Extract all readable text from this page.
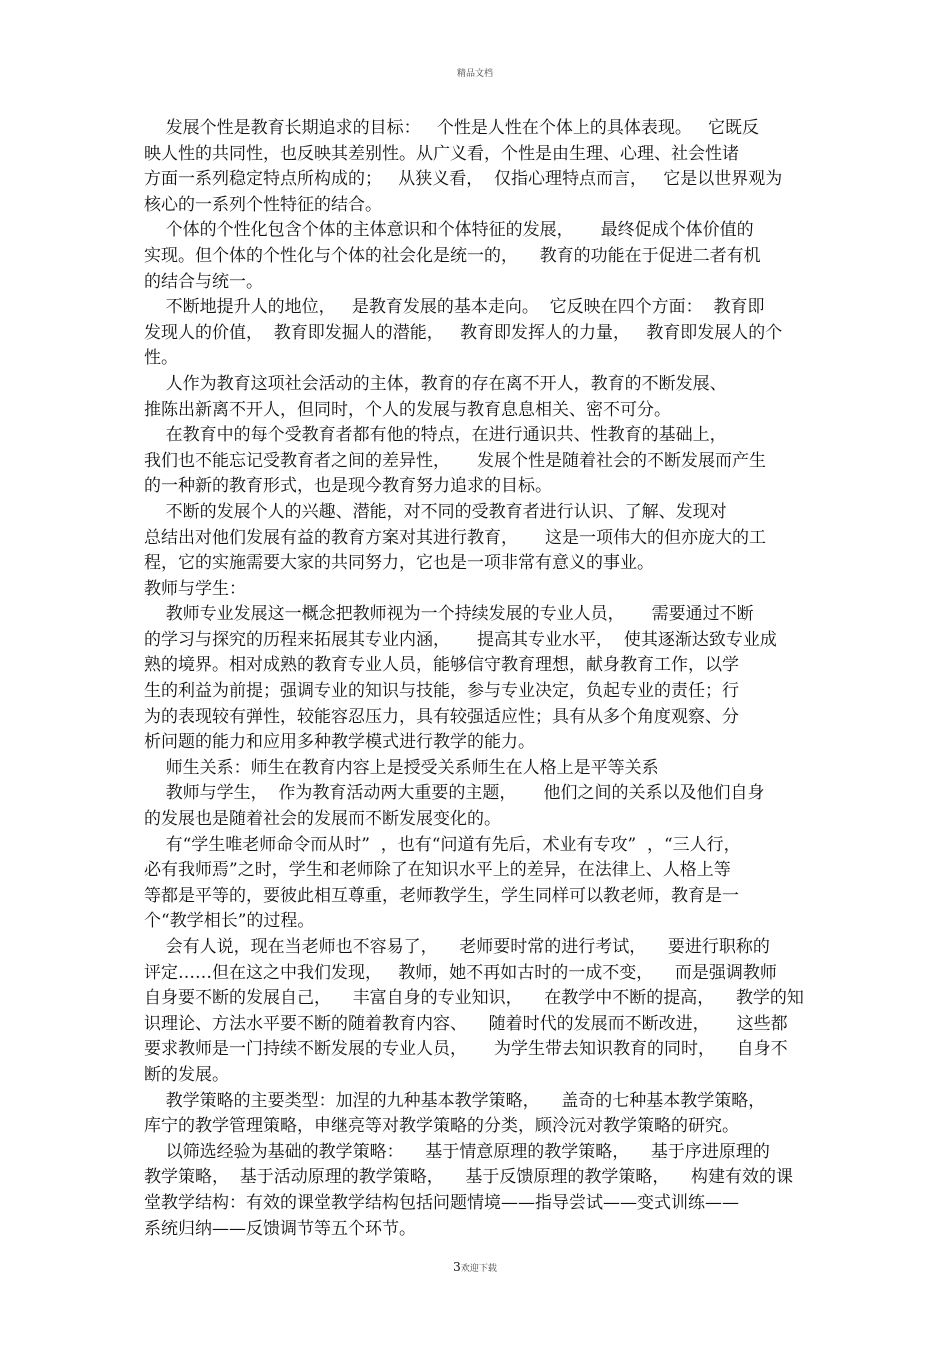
精品文档
发展个性是教育长期追求的目标：   个性是人性在个体上的具体表现。   它既反
映人性的共同性，也反映其差别性。从广义看，个性是由生理、心理、社会性诸
方面一系列稳定特点所构成的；   从狭义看，  仅指心理特点而言，   它是以世界观为
核心的一系列个性特征的结合。
个体的个性化包含个体的主体意识和个体特征的发展，     最终促成个体价值的
实现。但个体的个性化与个体的社会化是统一的，    教育的功能在于促进二者有机
的结合与统一。
不断地提升人的地位，   是教育发展的基本走向。  它反映在四个方面：  教育即
发现人的价值，  教育即发掘人的潜能，   教育即发挥人的力量，   教育即发展人的个
性。
人作为教育这项社会活动的主体，教育的存在离不开人，教育的不断发展、
推陈出新离不开人，但同时，个人的发展与教育息息相关、密不可分。
在教育中的每个受教育者都有他的特点，在进行通识共、性教育的基础上，
我们也不能忘记受教育者之间的差异性，     发展个性是随着社会的不断发展而产生
的一种新的教育形式，也是现今教育努力追求的目标。
不断的发展个人的兴趣、潜能，对不同的受教育者进行认识、了解、发现对
总结出对他们发展有益的教育方案对其进行教育，     这是一项伟大的但亦庞大的工
程，它的实施需要大家的共同努力，它也是一项非常有意义的事业。
教师与学生：
教师专业发展这一概念把教师视为一个持续发展的专业人员，     需要通过不断
的学习与探究的历程来拓展其专业内涵，     提高其专业水平，  使其逐渐达致专业成
熟的境界。相对成熟的教育专业人员，能够信守教育理想，献身教育工作，以学
生的利益为前提；强调专业的知识与技能，参与专业决定，负起专业的责任；行
为的表现较有弹性，较能容忍压力，具有较强适应性；具有从多个角度观察、分
析问题的能力和应用多种教学模式进行教学的能力。
师生关系：师生在教育内容上是授受关系师生在人格上是平等关系
教师与学生，  作为教育活动两大重要的主题，     他们之间的关系以及他们自身
的发展也是随着社会的发展而不断发展变化的。
有“学生唯老师命令而从时”  ，也有“问道有先后，术业有专攻”  ，“三人行，
必有我师焉”之时，学生和老师除了在知识水平上的差异，在法律上、人格上等
等都是平等的，要彼此相互尊重，老师教学生，学生同样可以教老师，教育是一
个“教学相长”的过程。
会有人说，现在当老师也不容易了，    老师要时常的进行考试，    要进行职称的
评定……但在这之中我们发现，   教师，她不再如古时的一成不变，    而是强调教师
自身要不断的发展自己，    丰富自身的专业知识，    在教学中不断的提高，    教学的知
识理论、方法水平要不断的随着教育内容、    随着时代的发展而不断改进，     这些都
要求教师是一门持续不断发展的专业人员，     为学生带去知识教育的同时，    自身不
断的发展。
教学策略的主要类型：加涅的九种基本教学策略，    盖奇的七种基本教学策略，
库宁的教学管理策略，申继亮等对教学策略的分类，顾泠沅对教学策略的研究。
以筛选经验为基础的教学策略：    基于情意原理的教学策略，    基于序进原理的
教学策略，  基于活动原理的教学策略，    基于反馈原理的教学策略，    构建有效的课
堂教学结构：有效的课堂教学结构包括问题情境——指导尝试——变式训练——
系统归纳——反馈调节等五个环节。
3欢迎下载
